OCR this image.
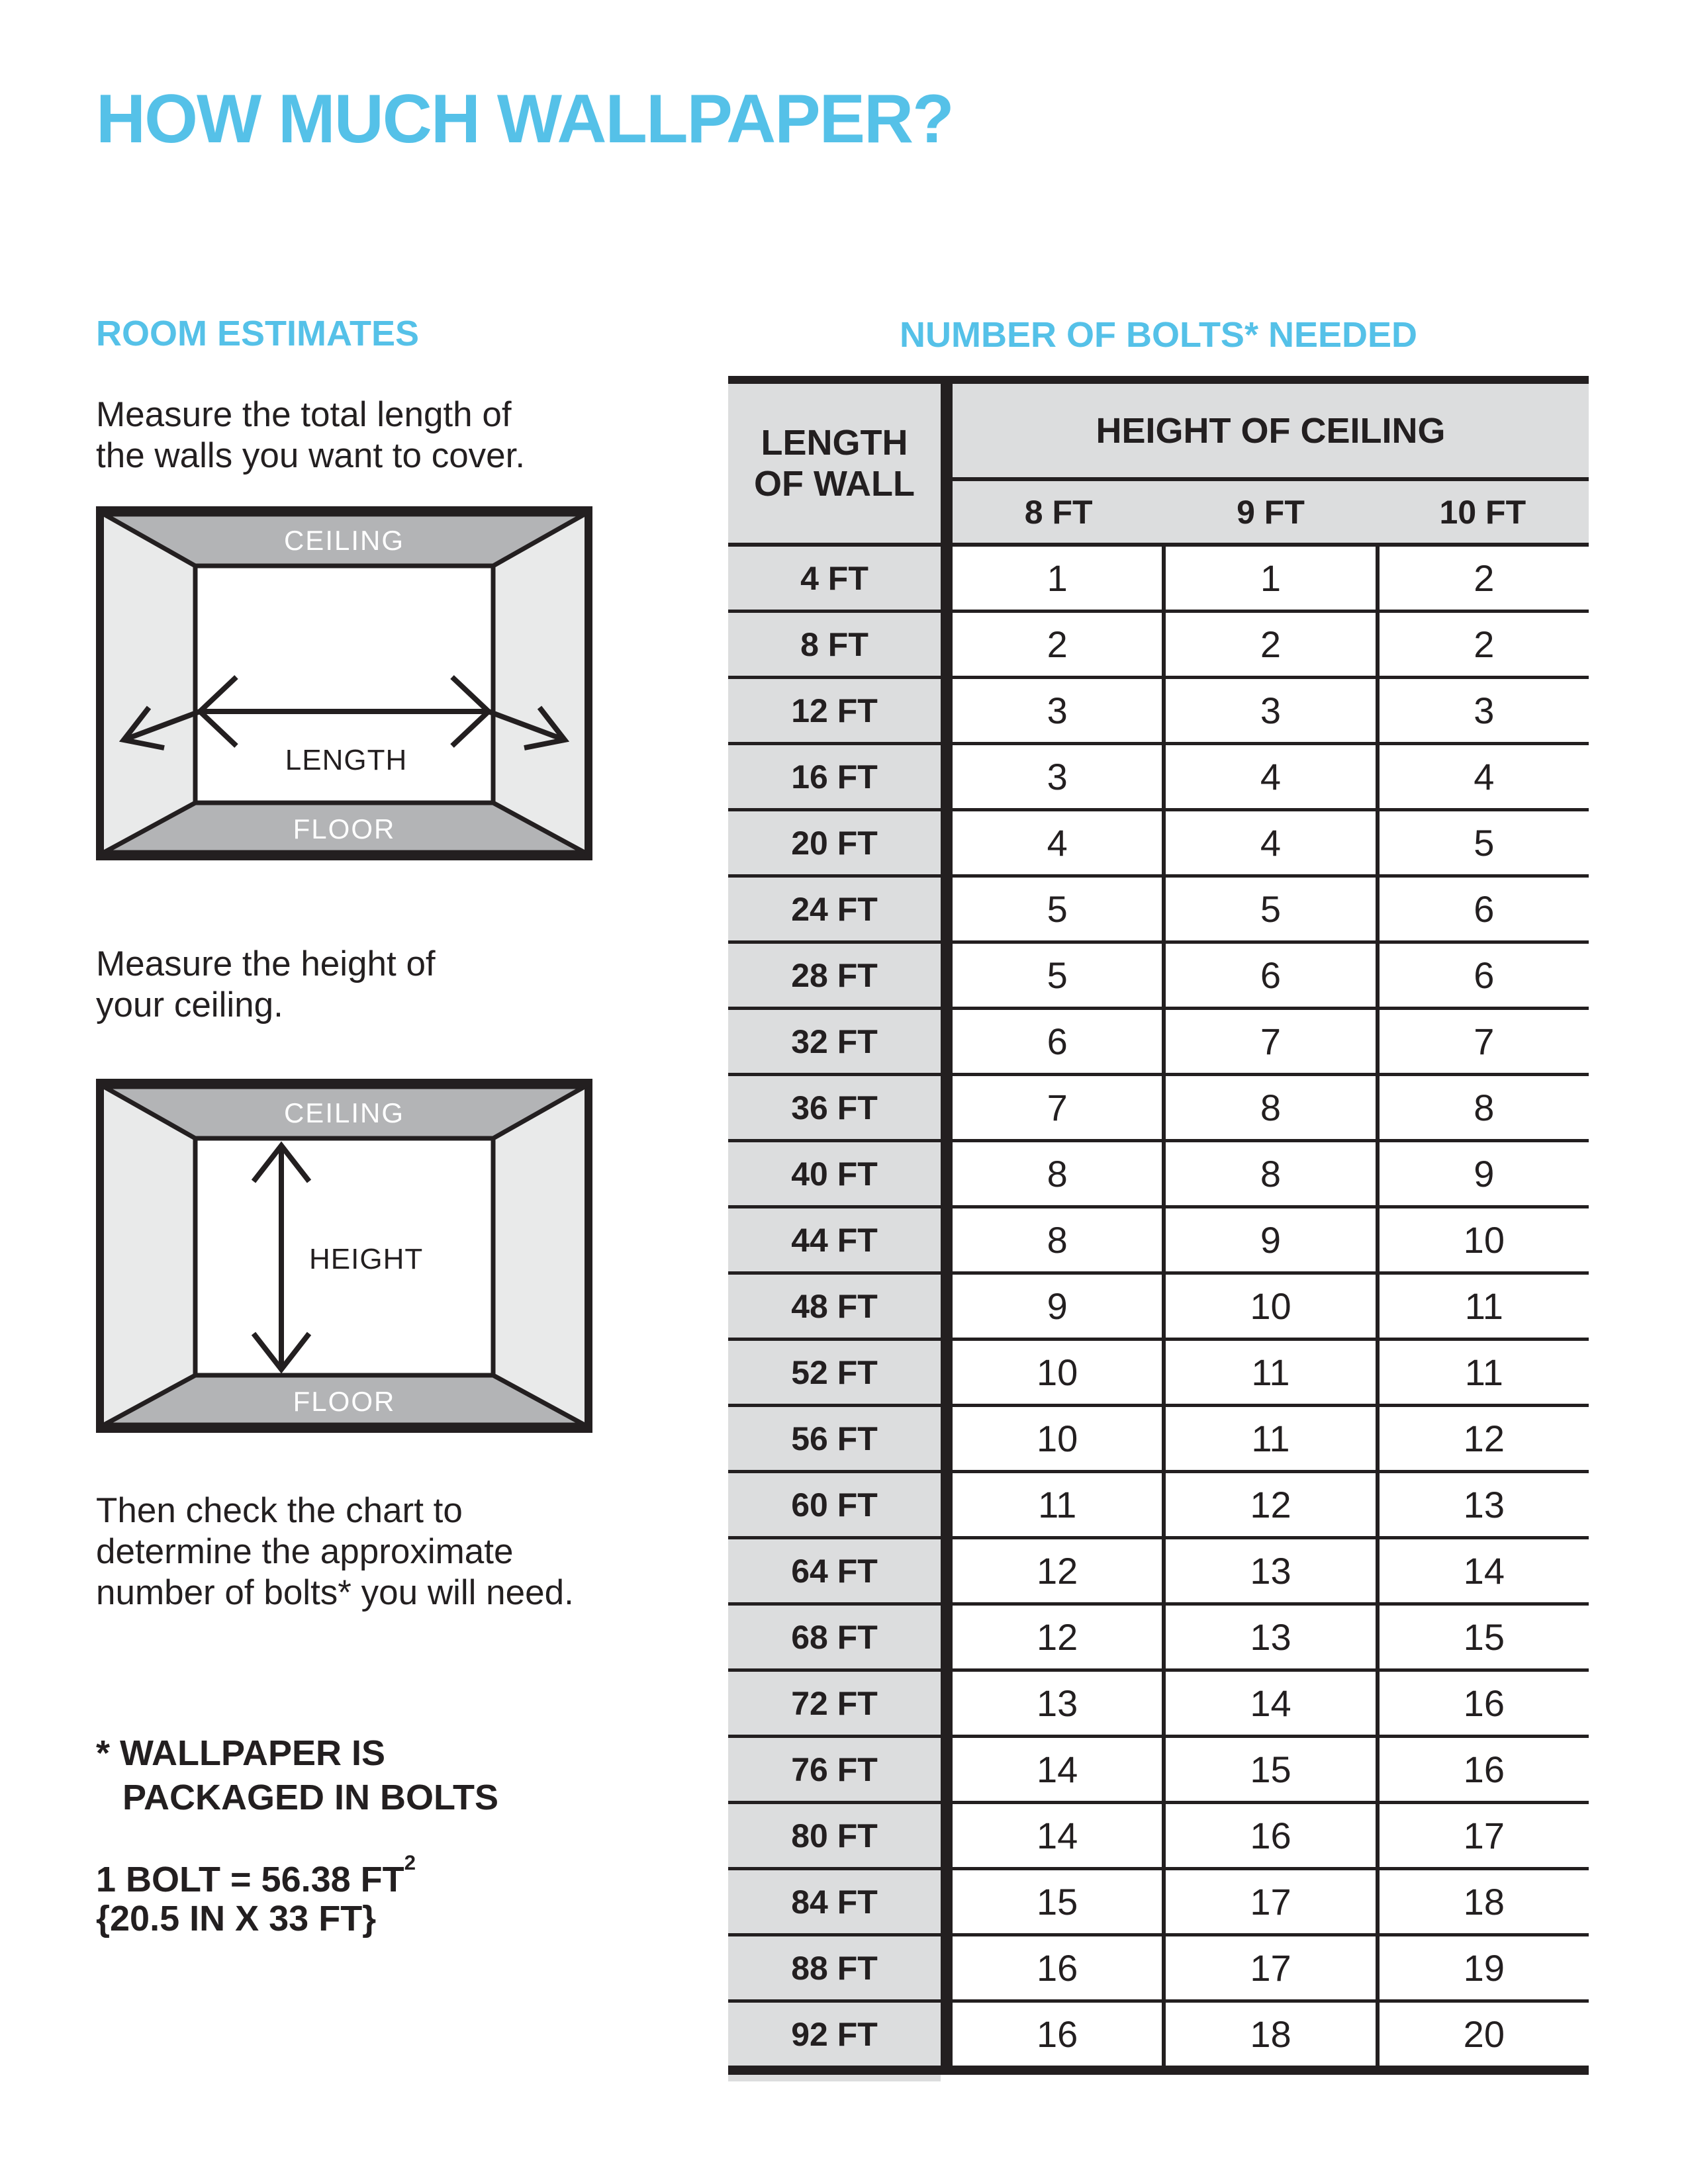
HOW MUCH WALLPAPER?
ROOM ESTIMATES
Measure the total length of
the walls you want to cover.
CEILING
FLOOR
LENGTH
Measure the height of
your ceiling.
CEILING
FLOOR
HEIGHT
Then check the chart to
determine the approximate
number of bolts* you will need.
* WALLPAPER IS
PACKAGED IN BOLTS
1 BOLT = 56.38 $FT^2$
{20.5 IN X 33 FT}
NUMBER OF BOLTS* NEEDED
LENGTH OF WALL
HEIGHT OF CEILING
8 FT	9 FT	10 FT
4 FT	1	1	2
8 FT	2	2	2
12 FT	3	3	3
16 FT	3	4	4
20 FT	4	4	5
24 FT	5	5	6
28 FT	5	6	6
32 FT	6	7	7
36 FT	7	8	8
40 FT	8	8	9
44 FT	8	9	10
48 FT	9	10	11
52 FT	10	11	11
56 FT	10	11	12
60 FT	11	12	13
64 FT	12	13	14
68 FT	12	13	15
72 FT	13	14	16
76 FT	14	15	16
80 FT	14	16	17
84 FT	15	17	18
88 FT	16	17	19
92 FT	16	18	20
